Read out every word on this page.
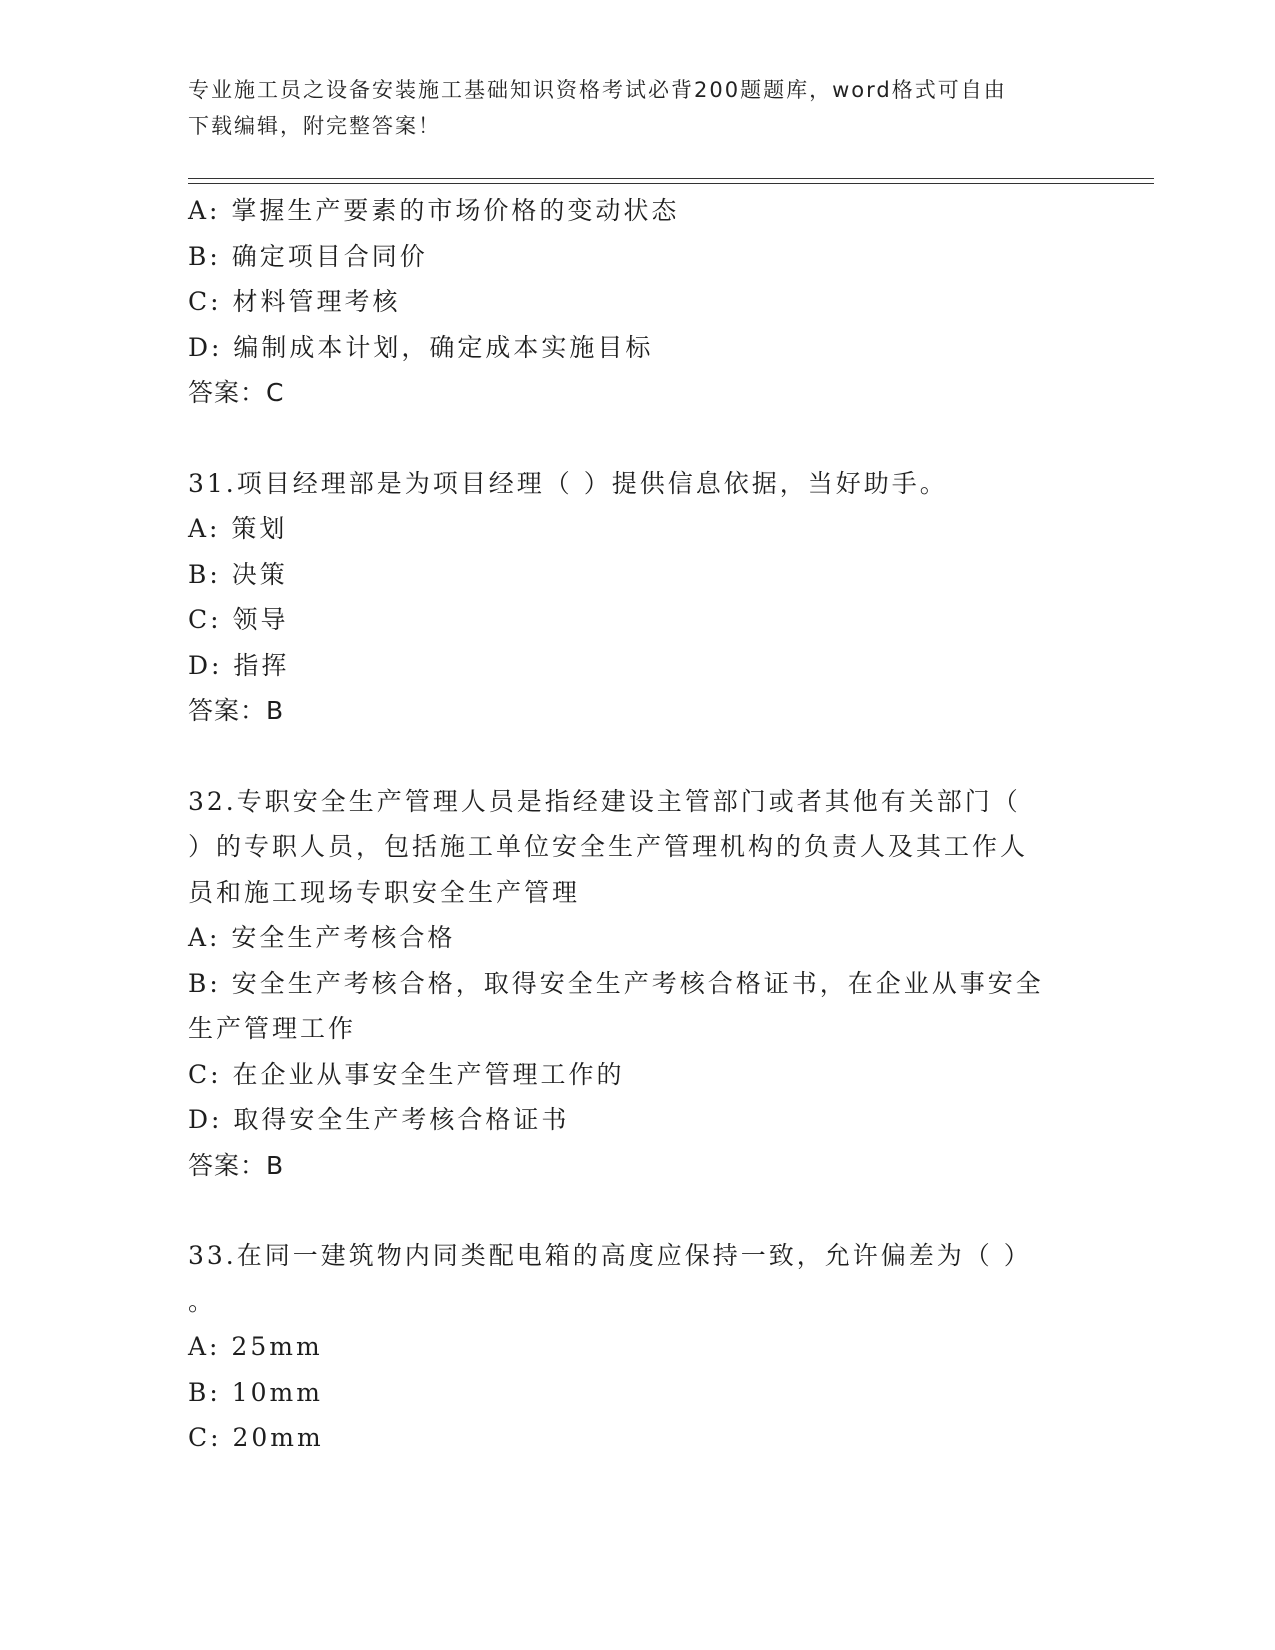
专业施工员之设备安装施工基础知识资格考试必背200题题库，word格式可自由
下载编辑，附完整答案！
A: 掌握生产要素的市场价格的变动状态
B: 确定项目合同价
C: 材料管理考核
D: 编制成本计划，确定成本实施目标
答案：C
31.项目经理部是为项目经理（ ）提供信息依据，当好助手。
A: 策划
B: 决策
C: 领导
D: 指挥
答案：B
32.专职安全生产管理人员是指经建设主管部门或者其他有关部门（
）的专职人员，包括施工单位安全生产管理机构的负责人及其工作人
员和施工现场专职安全生产管理
A: 安全生产考核合格
B: 安全生产考核合格，取得安全生产考核合格证书，在企业从事安全
生产管理工作
C: 在企业从事安全生产管理工作的
D: 取得安全生产考核合格证书
答案：B
33.在同一建筑物内同类配电箱的高度应保持一致，允许偏差为（ ）
。
A: 25mm
B: 10mm
C: 20mm
